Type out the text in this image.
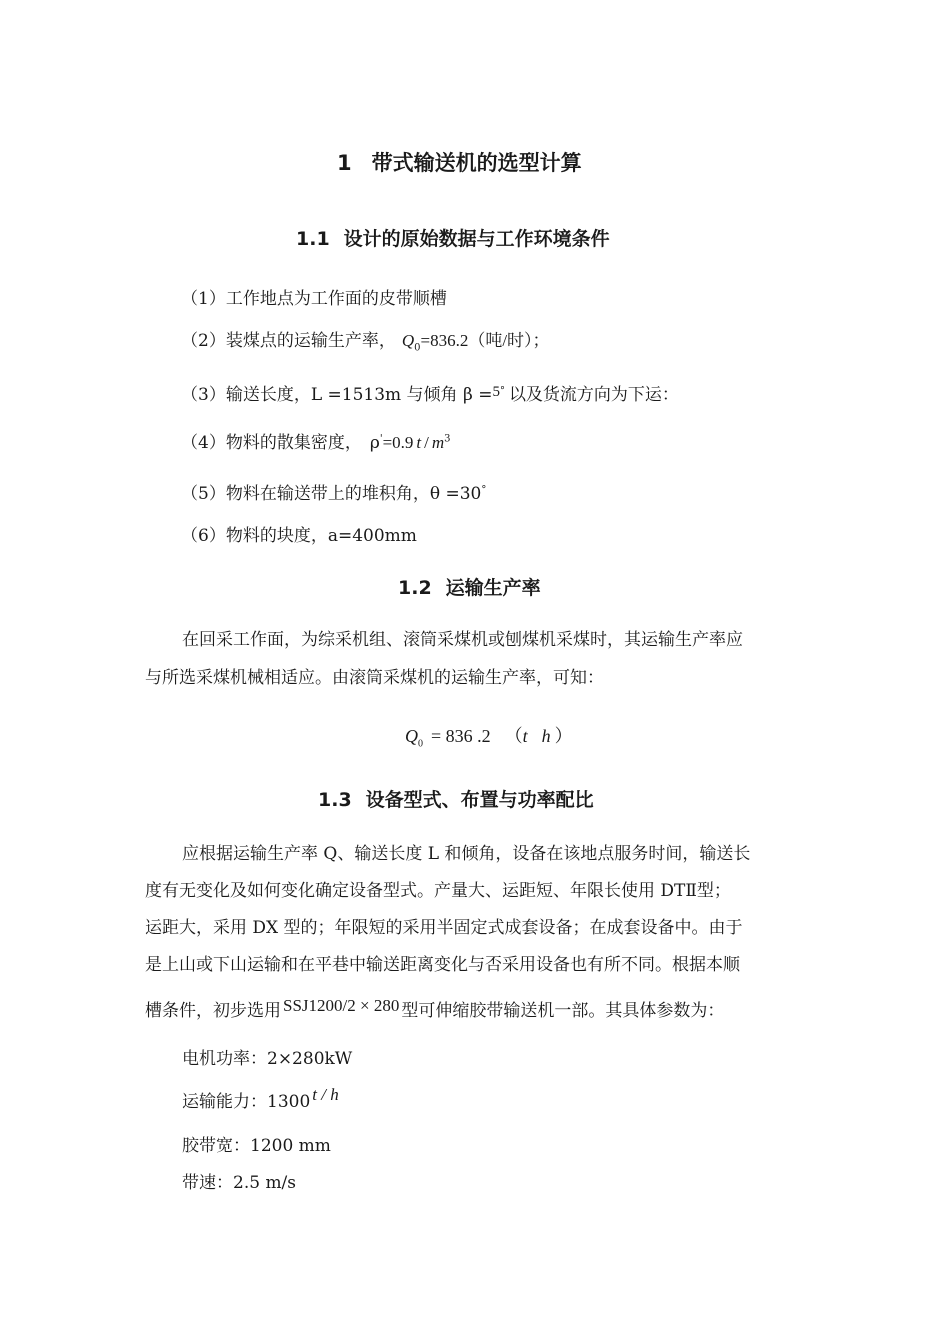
1 带式输送机的选型计算
1.1 设计的原始数据与工作环境条件
（1）工作地点为工作面的皮带顺槽
（2）装煤点的运输生产率， $Q_0=836.2$（吨/时）；
（3）输送长度，L =1513m 与倾角 β =$^{5^\circ}$ 以及货流方向为下运：
（4）物料的散集密度， ρ'=0.9 t / $m^3$
（5）物料在输送带上的堆积角，θ =30°
（6）物料的块度，a=400mm
1.2 运输生产率
在回采工作面，为综采机组、滚筒采煤机或刨煤机采煤时，其运输生产率应
与所选采煤机械相适应。由滚筒采煤机的运输生产率，可知：
$Q_0 = 836$ .2 （t h ）
1.3 设备型式、布置与功率配比
应根据运输生产率 Q、输送长度 L 和倾角，设备在该地点服务时间，输送长
度有无变化及如何变化确定设备型式。产量大、运距短、年限长使用 DTⅡ型；
运距大，采用 DX 型的；年限短的采用半固定式成套设备；在成套设备中。由于
是上山或下山运输和在平巷中输送距离变化与否采用设备也有所不同。根据本顺
槽条件，初步选用 SSJ1200/2 × 280 型可伸缩胶带输送机一部。其具体参数为：
电机功率：2×280kW
运输能力：1300 t / h
胶带宽：1200 mm
带速：2.5 m/s
